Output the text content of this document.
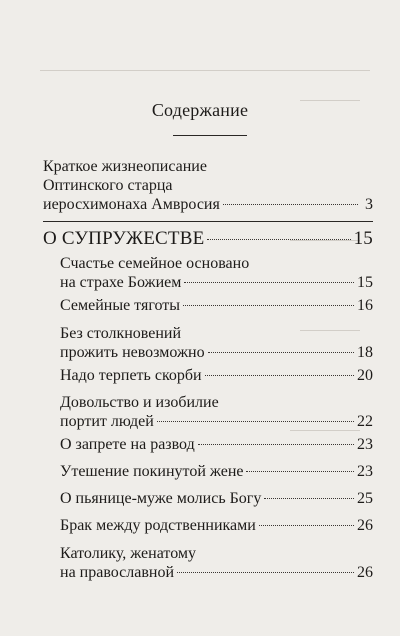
Содержание
Краткое жизнеописание
Оптинского старца
иеросхимонаха Амвросия	3
О СУПРУЖЕСТВЕ	15
Счастье семейное основано
на страхе Божием	15
Семейные тяготы	16
Без столкновений
прожить невозможно	18
Надо терпеть скорби	20
Довольство и изобилие
портит людей	22
О запрете на развод	23
Утешение покинутой жене	23
О пьянице-муже молись Богу	25
Брак между родственниками	26
Католику, женатому
на православной	26
